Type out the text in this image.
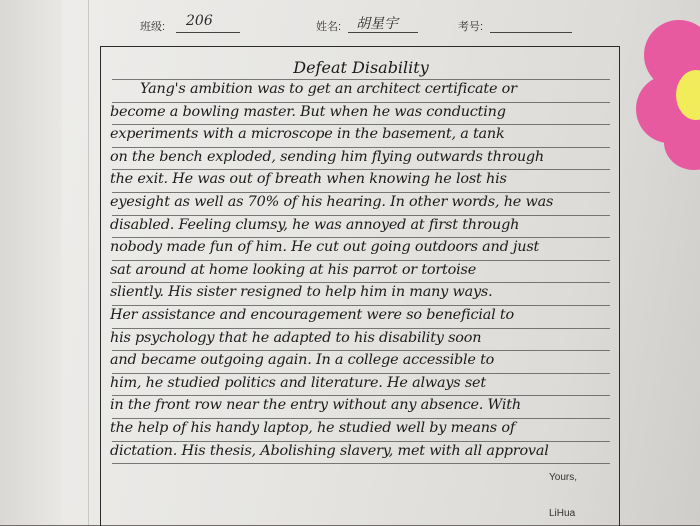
班级: 206	姓名: 胡星宇	考号:
Defeat Disability
Yang's ambition was to get an architect certificate or
become a bowling master. But when he was conducting
experiments with a microscope in the basement, a tank
on the bench exploded, sending him flying outwards through
the exit. He was out of breath when knowing he lost his
eyesight as well as 70% of his hearing. In other words, he was
disabled. Feeling clumsy, he was annoyed at first through
nobody made fun of him. He cut out going outdoors and just
sat around at home looking at his parrot or tortoise
sliently. His sister resigned to help him in many ways.
Her assistance and encouragement were so beneficial to
his psychology that he adapted to his disability soon
and became outgoing again. In a college accessible to
him, he studied politics and literature. He always set
in the front row near the entry without any absence. With
the help of his handy laptop, he studied well by means of
dictation. His thesis, Abolishing slavery, met with all approval
Yours,
LiHua
